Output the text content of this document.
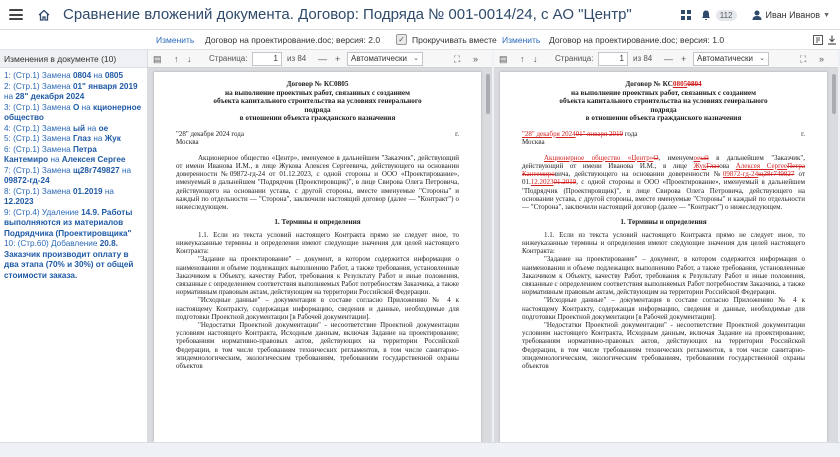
Сравнение вложений документа. Договор: Подряда № 001-0014/24, с АО "Центр"	112	Иван Иванов ▼
Изменить	Договор на проектирование.doc; версия: 2.0 ✓ Прокручивать вместе Изменить	Договор на проектирование.doc; версия: 1.0
Изменения в документе (10)
1: (Стр.1) Замена 0804 на 0805
2: (Стр.1) Замена 01" января 2019 на 28" декабря 2024
3: (Стр.1) Замена О на кционерное общество
4: (Стр.1) Замена ый на ое
5: (Стр.1) Замена Глаз на Жук
6: (Стр.1) Замена Петра Кантемиро на Алексея Сергее
7: (Стр.1) Замена щ28г749827 на 09872-гд-24
8: (Стр.1) Замена 01.2019 на 12.2023
9: (Стр.4) Удаление 14.9. Работы выполняются из материалов Подрядчика (Проектировщика"
10: (Стр.60) Добавление 20.8. Заказчик производит оплату в два этапа (70% и 30%) от общей стоимости заказа.
▤ ↑ ↓ Страница:	1	из 84 — +	Автоматически ⌄	⛶ »
Договор № КС0805
на выполнение проектных работ, связанных с созданием
объекта капитального строительства на условиях генерального
подряда
в отношении объекта гражданского назначения
"28" декабря 2024 года	г.
Москва
Акционерное общество «Центр», именуемое в дальнейшем "Заказчик", действующий от имени Иванова И.М., в лице Жукова Алексея Сергеевича, действующего на основании доверенности №09872-гд-24 от 01.12.2023, с одной стороны и ООО «Проектирование», именуемый в дальнейшем "Подрядчик (Проектировщик)", в лице Свирова Олега Петровича, действующего на основании устава, с другой стороны, вместе именуемые "Стороны" и каждый по отдельности — "Сторона", заключили настоящий договор (далее — "Контракт") о нижеследующем.
1. Термины и определения
1.1. Если из текста условий настоящего Контракта прямо не следует иное, то нижеуказанные термины и определения имеют следующие значения для целей настоящего Контракта:
"Задание на проектирование" – документ, в котором содержится информация о наименовании и объеме подлежащих выполнению Работ, а также требования, установленные Заказчиком к Объекту, качеству Работ, требования к Результату Работ и иные положения, связанные с определением соответствия выполняемых Работ потребностям Заказчика, а также нормативным правовым актам, действующим на территории Российской Федерации.
"Исходные данные" – документация в составе согласно Приложению № 4 к настоящему Контракту, содержащая информацию, сведения и данные, необходимые для подготовки Проектной документации [в Рабочей документации].
"Недостатки Проектной документации" - несоответствие Проектной документации условиям настоящего Контракта, Исходным данным, включая Задание на проектирование; требованиям нормативно-правовых актов, действующих на территории Российской Федерации, в том числе требованиям технических регламентов, в том числе санитарно-эпидемиологическим, экологическим требованиям, требованиям государственной охраны объектов
▤ ↑ ↓ Страница:	1	из 84 — +	Автоматически ⌄	⛶ »
Договор № КС08050804
на выполнение проектных работ, связанных с созданием
объекта капитального строительства на условиях генерального
подряда
в отношении объекта гражданского назначения
"28" декабря 202401" января 2019 года	г.
Москва
Акционерное общество «Центр»О, именуемоеый в дальнейшем "Заказчик", действующий от имени Иванова И.М., в лице ЖукГлазова Алексея СергееПетра Кантемировича, действующего на основании доверенности №09872-гд-24щ28г749827 от 01.12.202301.2019, с одной стороны и ООО «Проектирование», именуемый в дальнейшем "Подрядчик (Проектировщик)", в лице Свирова Олега Петровича, действующего на основании устава, с другой стороны, вместе именуемые "Стороны" и каждый по отдельности — "Сторона", заключили настоящий договор (далее — "Контракт") о нижеследующем.
1. Термины и определения
1.1. Если из текста условий настоящего Контракта прямо не следует иное, то нижеуказанные термины и определения имеют следующие значения для целей настоящего Контракта:
"Задание на проектирование" – документ, в котором содержится информация о наименовании и объеме подлежащих выполнению Работ, а также требования, установленные Заказчиком к Объекту, качеству Работ, требования к Результату Работ и иные положения, связанные с определением соответствия выполняемых Работ потребностям Заказчика, а также нормативным правовым актам, действующим на территории Российской Федерации.
"Исходные данные" – документация в составе согласно Приложению № 4 к настоящему Контракту, содержащая информацию, сведения и данные, необходимые для подготовки Проектной документации [в Рабочей документации].
"Недостатки Проектной документации" - несоответствие Проектной документации условиям настоящего Контракта, Исходным данным, включая Задание на проектирование; требованиям нормативно-правовых актов, действующих на территории Российской Федерации, в том числе требованиям технических регламентов, в том числе санитарно-эпидемиологическим, экологическим требованиям, требованиям государственной охраны объектов
